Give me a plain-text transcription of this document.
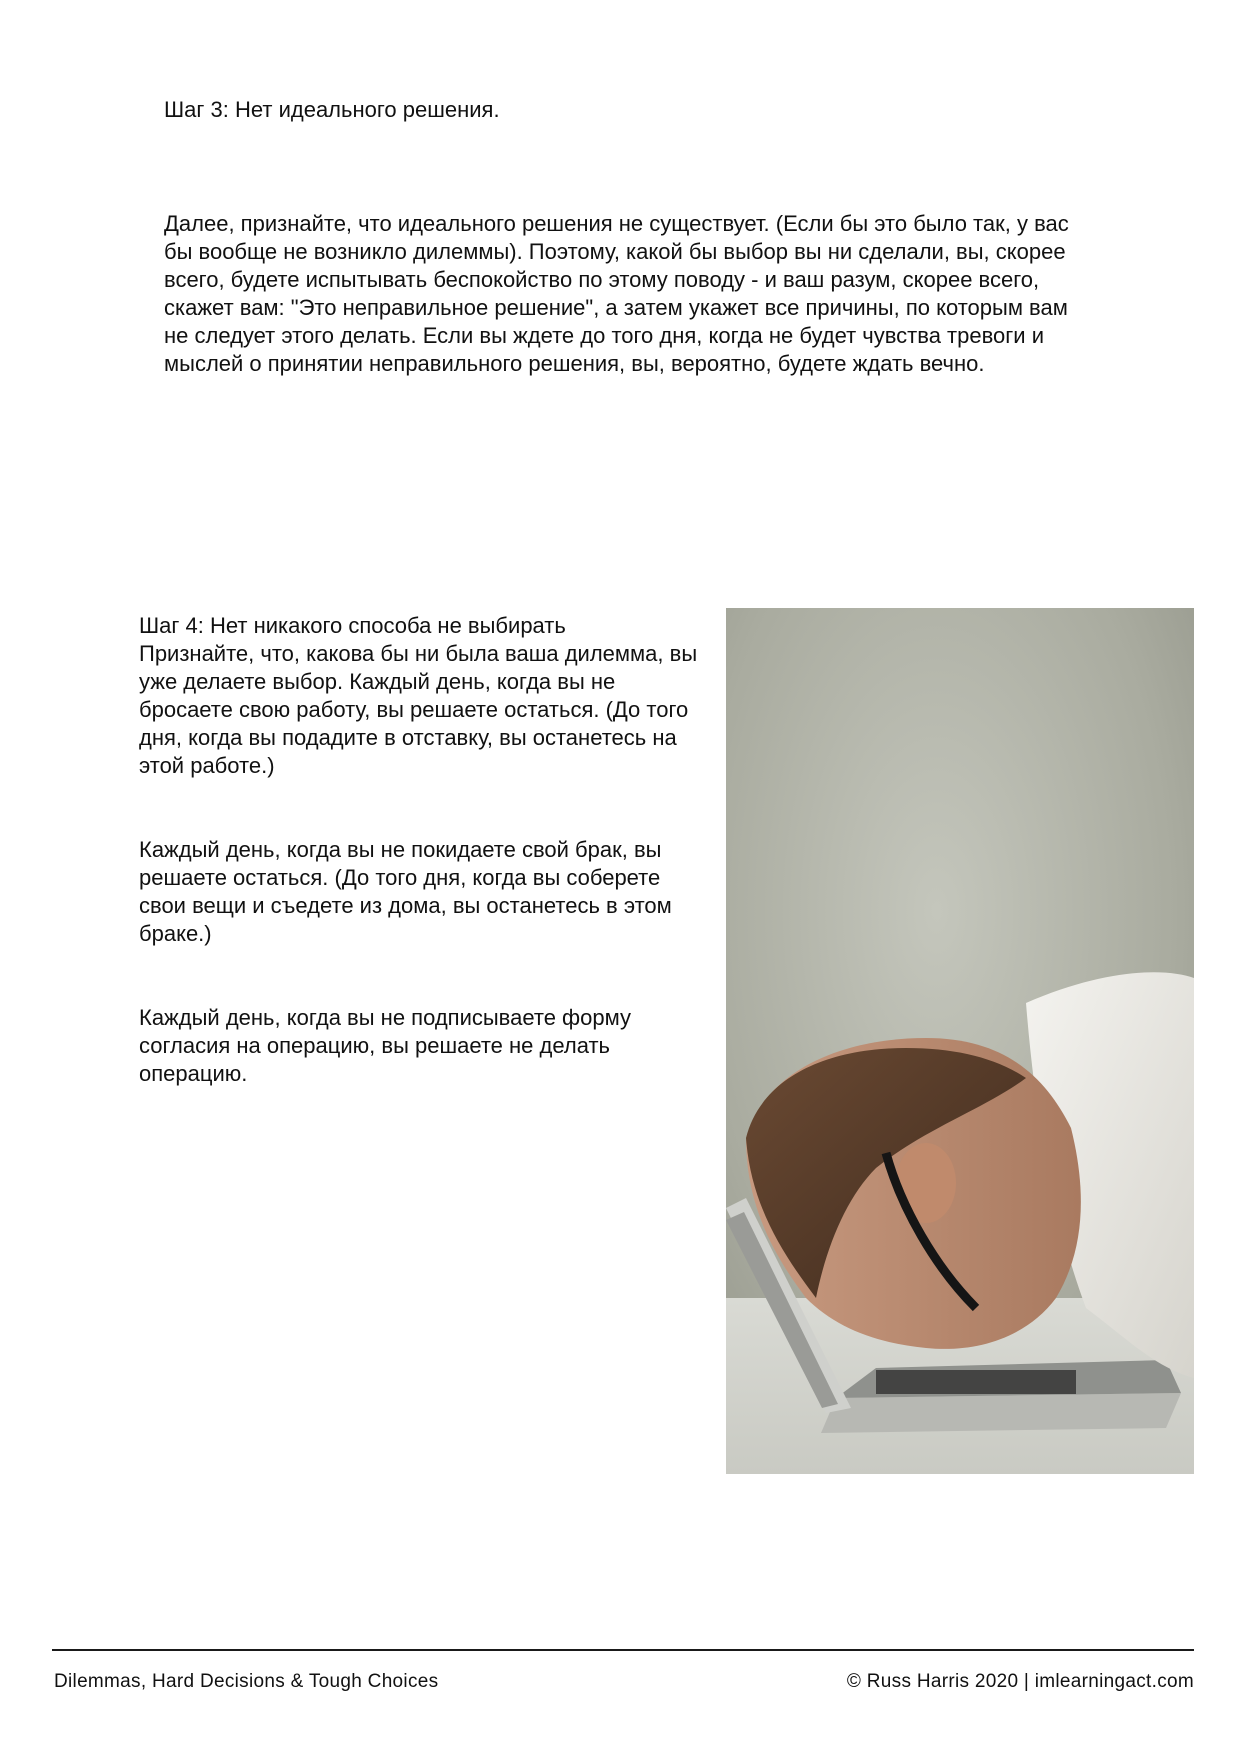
Шаг 3: Нет идеального решения.
Далее, признайте, что идеального решения не существует. (Если бы это было так, у вас бы вообще не возникло дилеммы). Поэтому, какой бы выбор вы ни сделали, вы, скорее всего, будете испытывать беспокойство по этому поводу - и ваш разум, скорее всего, скажет вам: "Это неправильное решение", а затем укажет все причины, по которым вам не следует этого делать. Если вы ждете до того дня, когда не будет чувства тревоги и мыслей о принятии неправильного решения, вы, вероятно, будете ждать вечно.

Шаг 4: Нет никакого способа не выбирать
Признайте, что, какова бы ни была ваша дилемма, вы уже делаете выбор. Каждый день, когда вы не бросаете свою работу, вы решаете остаться. (До того дня, когда вы подадите в отставку, вы останетесь на этой работе.)

Каждый день, когда вы не покидаете свой брак, вы решаете остаться. (До того дня, когда вы соберете свои вещи и съедете из дома, вы останетесь в этом браке.)

Каждый день, когда вы не подписываете форму согласия на операцию, вы решаете не делать операцию.

Dilemmas, Hard Decisions & Tough Choices	© Russ Harris 2020 | imlearningact.com
